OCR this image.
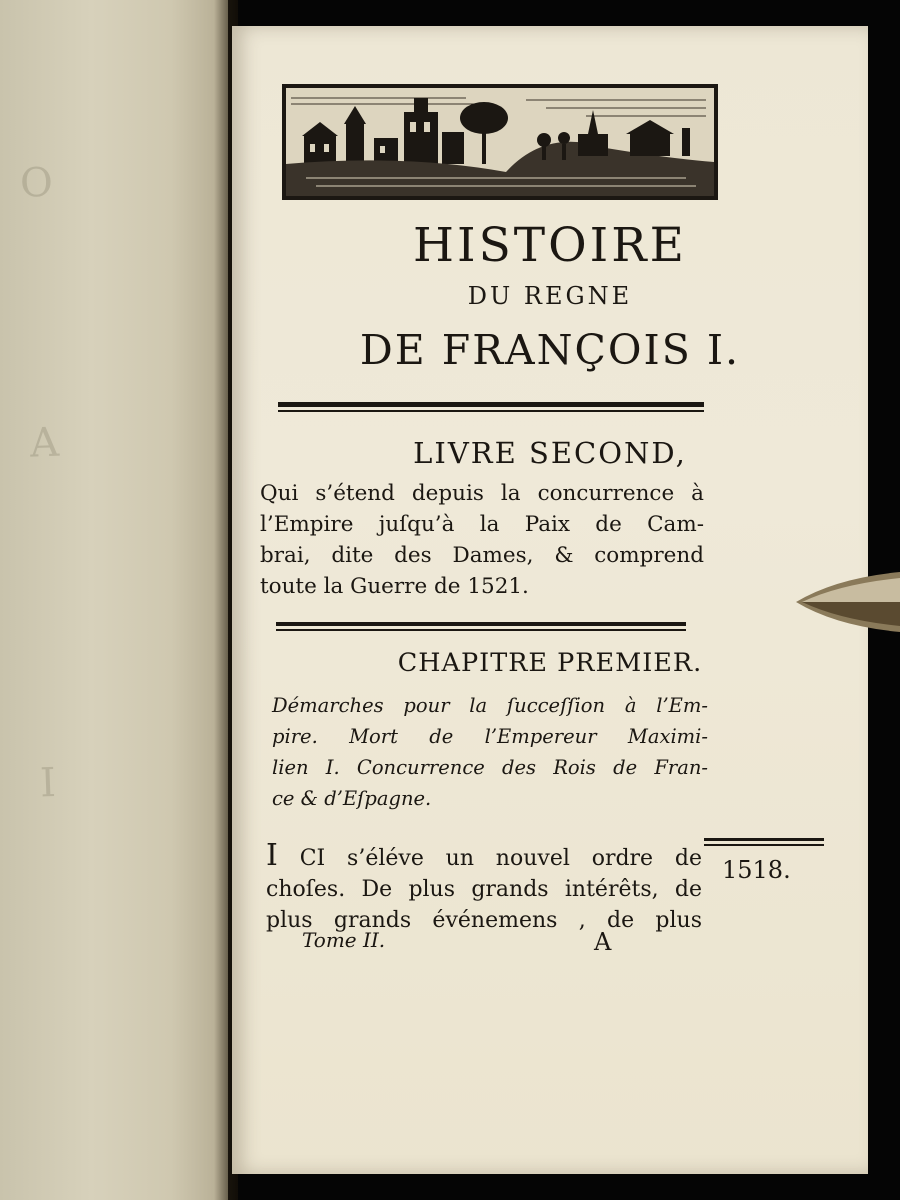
O
A
I
HISTOIRE
DU REGNE
DE FRANÇOIS I.
LIVRE SECOND,
Qui s’étend depuis la concurrence à
l’Empire juſqu’à la Paix de Cam-
brai, dite des Dames, & comprend
toute la Guerre de 1521.
CHAPITRE PREMIER.
Démarches pour la ſucceſſion à l’Em-
pire. Mort de l’Empereur Maximi-
lien I. Concurrence des Rois de Fran-
ce & d’Eſpagne.
I CI s’éléve un nouvel ordre de
choſes. De plus grands intérêts, de
plus grands événemens , de plus
1518.
Tome II.	A
